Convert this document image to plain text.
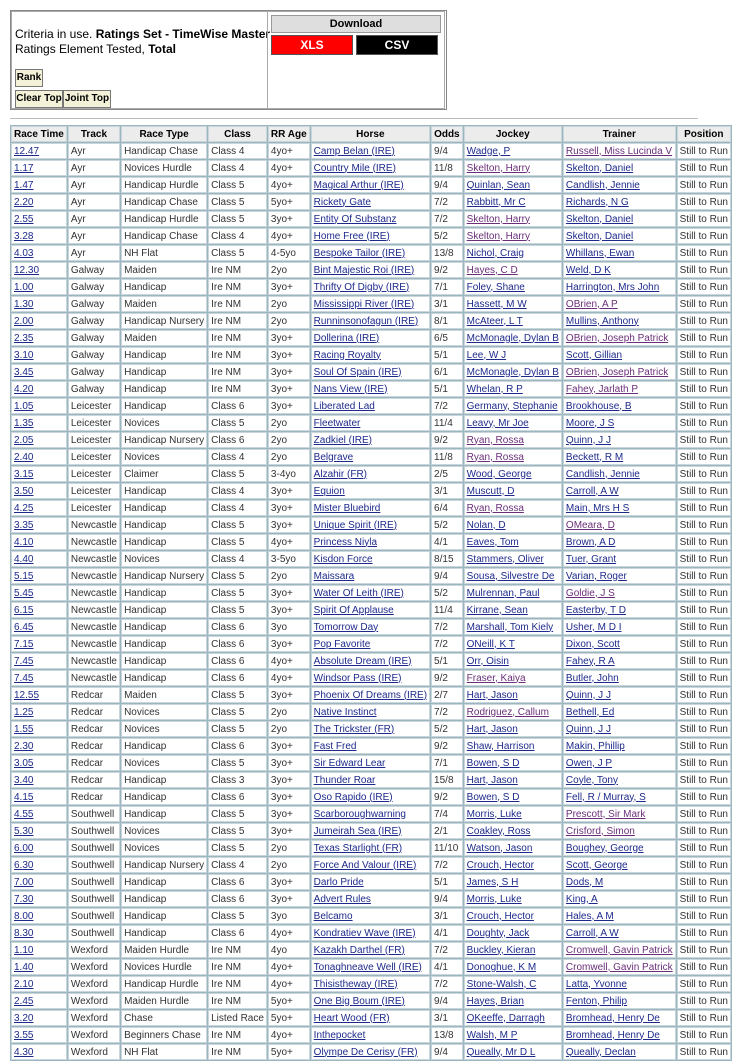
Criteria in use. Ratings Set - TimeWise Master
Ratings Element Tested, Total
Rank
Clear Top Joint Top
Download
XLS	CSV
Race Time	Track	Race Type	Class	RR Age	Horse	Odds	Jockey	Trainer	Position
12.47	Ayr	Handicap Chase	Class 4	4yo+	Camp Belan (IRE)	9/4	Wadge, P	Russell, Miss Lucinda V	Still to Run
1.17	Ayr	Novices Hurdle	Class 4	4yo+	Country Mile (IRE)	11/8	Skelton, Harry	Skelton, Daniel	Still to Run
1.47	Ayr	Handicap Hurdle	Class 5	4yo+	Magical Arthur (IRE)	9/4	Quinlan, Sean	Candlish, Jennie	Still to Run
2.20	Ayr	Handicap Chase	Class 5	5yo+	Rickety Gate	7/2	Rabbitt, Mr C	Richards, N G	Still to Run
2.55	Ayr	Handicap Hurdle	Class 5	3yo+	Entity Of Substanz	7/2	Skelton, Harry	Skelton, Daniel	Still to Run
3.28	Ayr	Handicap Chase	Class 4	4yo+	Home Free (IRE)	5/2	Skelton, Harry	Skelton, Daniel	Still to Run
4.03	Ayr	NH Flat	Class 5	4-5yo	Bespoke Tailor (IRE)	13/8	Nichol, Craig	Whillans, Ewan	Still to Run
12.30	Galway	Maiden	Ire NM	2yo	Bint Majestic Roi (IRE)	9/2	Hayes, C D	Weld, D K	Still to Run
1.00	Galway	Handicap	Ire NM	3yo+	Thrifty Of Digby (IRE)	7/1	Foley, Shane	Harrington, Mrs John	Still to Run
1.30	Galway	Maiden	Ire NM	2yo	Mississippi River (IRE)	3/1	Hassett, M W	OBrien, A P	Still to Run
2.00	Galway	Handicap Nursery	Ire NM	2yo	Runninsonofagun (IRE)	8/1	McAteer, L T	Mullins, Anthony	Still to Run
2.35	Galway	Maiden	Ire NM	3yo+	Dollerina (IRE)	6/5	McMonagle, Dylan B	OBrien, Joseph Patrick	Still to Run
3.10	Galway	Handicap	Ire NM	3yo+	Racing Royalty	5/1	Lee, W J	Scott, Gillian	Still to Run
3.45	Galway	Handicap	Ire NM	3yo+	Soul Of Spain (IRE)	6/1	McMonagle, Dylan B	OBrien, Joseph Patrick	Still to Run
4.20	Galway	Handicap	Ire NM	3yo+	Nans View (IRE)	5/1	Whelan, R P	Fahey, Jarlath P	Still to Run
1.05	Leicester	Handicap	Class 6	3yo+	Liberated Lad	7/2	Germany, Stephanie	Brookhouse, B	Still to Run
1.35	Leicester	Novices	Class 5	2yo	Fleetwater	11/4	Leavy, Mr Joe	Moore, J S	Still to Run
2.05	Leicester	Handicap Nursery	Class 6	2yo	Zadkiel (IRE)	9/2	Ryan, Rossa	Quinn, J J	Still to Run
2.40	Leicester	Novices	Class 4	2yo	Belgrave	11/8	Ryan, Rossa	Beckett, R M	Still to Run
3.15	Leicester	Claimer	Class 5	3-4yo	Alzahir (FR)	2/5	Wood, George	Candlish, Jennie	Still to Run
3.50	Leicester	Handicap	Class 4	3yo+	Equion	3/1	Muscutt, D	Carroll, A W	Still to Run
4.25	Leicester	Handicap	Class 4	3yo+	Mister Bluebird	6/4	Ryan, Rossa	Main, Mrs H S	Still to Run
3.35	Newcastle	Handicap	Class 5	3yo+	Unique Spirit (IRE)	5/2	Nolan, D	OMeara, D	Still to Run
4.10	Newcastle	Handicap	Class 5	4yo+	Princess Niyla	4/1	Eaves, Tom	Brown, A D	Still to Run
4.40	Newcastle	Novices	Class 4	3-5yo	Kisdon Force	8/15	Stammers, Oliver	Tuer, Grant	Still to Run
5.15	Newcastle	Handicap Nursery	Class 5	2yo	Maissara	9/4	Sousa, Silvestre De	Varian, Roger	Still to Run
5.45	Newcastle	Handicap	Class 5	3yo+	Water Of Leith (IRE)	5/2	Mulrennan, Paul	Goldie, J S	Still to Run
6.15	Newcastle	Handicap	Class 5	3yo+	Spirit Of Applause	11/4	Kirrane, Sean	Easterby, T D	Still to Run
6.45	Newcastle	Handicap	Class 6	3yo	Tomorrow Day	7/2	Marshall, Tom Kiely	Usher, M D I	Still to Run
7.15	Newcastle	Handicap	Class 6	3yo+	Pop Favorite	7/2	ONeill, K T	Dixon, Scott	Still to Run
7.45	Newcastle	Handicap	Class 6	4yo+	Absolute Dream (IRE)	5/1	Orr, Oisin	Fahey, R A	Still to Run
7.45	Newcastle	Handicap	Class 6	4yo+	Windsor Pass (IRE)	9/2	Fraser, Kaiya	Butler, John	Still to Run
12.55	Redcar	Maiden	Class 5	3yo+	Phoenix Of Dreams (IRE)	2/7	Hart, Jason	Quinn, J J	Still to Run
1.25	Redcar	Novices	Class 5	2yo	Native Instinct	7/2	Rodriguez, Callum	Bethell, Ed	Still to Run
1.55	Redcar	Novices	Class 5	2yo	The Trickster (FR)	5/2	Hart, Jason	Quinn, J J	Still to Run
2.30	Redcar	Handicap	Class 6	3yo+	Fast Fred	9/2	Shaw, Harrison	Makin, Phillip	Still to Run
3.05	Redcar	Novices	Class 5	3yo+	Sir Edward Lear	7/1	Bowen, S D	Owen, J P	Still to Run
3.40	Redcar	Handicap	Class 3	3yo+	Thunder Roar	15/8	Hart, Jason	Coyle, Tony	Still to Run
4.15	Redcar	Handicap	Class 6	3yo+	Oso Rapido (IRE)	9/2	Bowen, S D	Fell, R / Murray, S	Still to Run
4.55	Southwell	Handicap	Class 5	3yo+	Scarboroughwarning	7/4	Morris, Luke	Prescott, Sir Mark	Still to Run
5.30	Southwell	Novices	Class 5	3yo+	Jumeirah Sea (IRE)	2/1	Coakley, Ross	Crisford, Simon	Still to Run
6.00	Southwell	Novices	Class 5	2yo	Texas Starlight (FR)	11/10	Watson, Jason	Boughey, George	Still to Run
6.30	Southwell	Handicap Nursery	Class 4	2yo	Force And Valour (IRE)	7/2	Crouch, Hector	Scott, George	Still to Run
7.00	Southwell	Handicap	Class 6	3yo+	Darlo Pride	5/1	James, S H	Dods, M	Still to Run
7.30	Southwell	Handicap	Class 6	3yo+	Advert Rules	9/4	Morris, Luke	King, A	Still to Run
8.00	Southwell	Handicap	Class 5	3yo	Belcamo	3/1	Crouch, Hector	Hales, A M	Still to Run
8.30	Southwell	Handicap	Class 6	4yo+	Kondratiev Wave (IRE)	4/1	Doughty, Jack	Carroll, A W	Still to Run
1.10	Wexford	Maiden Hurdle	Ire NM	4yo	Kazakh Darthel (FR)	7/2	Buckley, Kieran	Cromwell, Gavin Patrick	Still to Run
1.40	Wexford	Novices Hurdle	Ire NM	4yo+	Tonaghneave Well (IRE)	4/1	Donoghue, K M	Cromwell, Gavin Patrick	Still to Run
2.10	Wexford	Handicap Hurdle	Ire NM	4yo+	Thisistheway (IRE)	7/2	Stone-Walsh, C	Latta, Yvonne	Still to Run
2.45	Wexford	Maiden Hurdle	Ire NM	5yo+	One Big Boum (IRE)	9/4	Hayes, Brian	Fenton, Philip	Still to Run
3.20	Wexford	Chase	Listed Race	5yo+	Heart Wood (FR)	3/1	OKeeffe, Darragh	Bromhead, Henry De	Still to Run
3.55	Wexford	Beginners Chase	Ire NM	4yo+	Inthepocket	13/8	Walsh, M P	Bromhead, Henry De	Still to Run
4.30	Wexford	NH Flat	Ire NM	5yo+	Olympe De Cerisy (FR)	9/4	Queally, Mr D L	Queally, Declan	Still to Run
